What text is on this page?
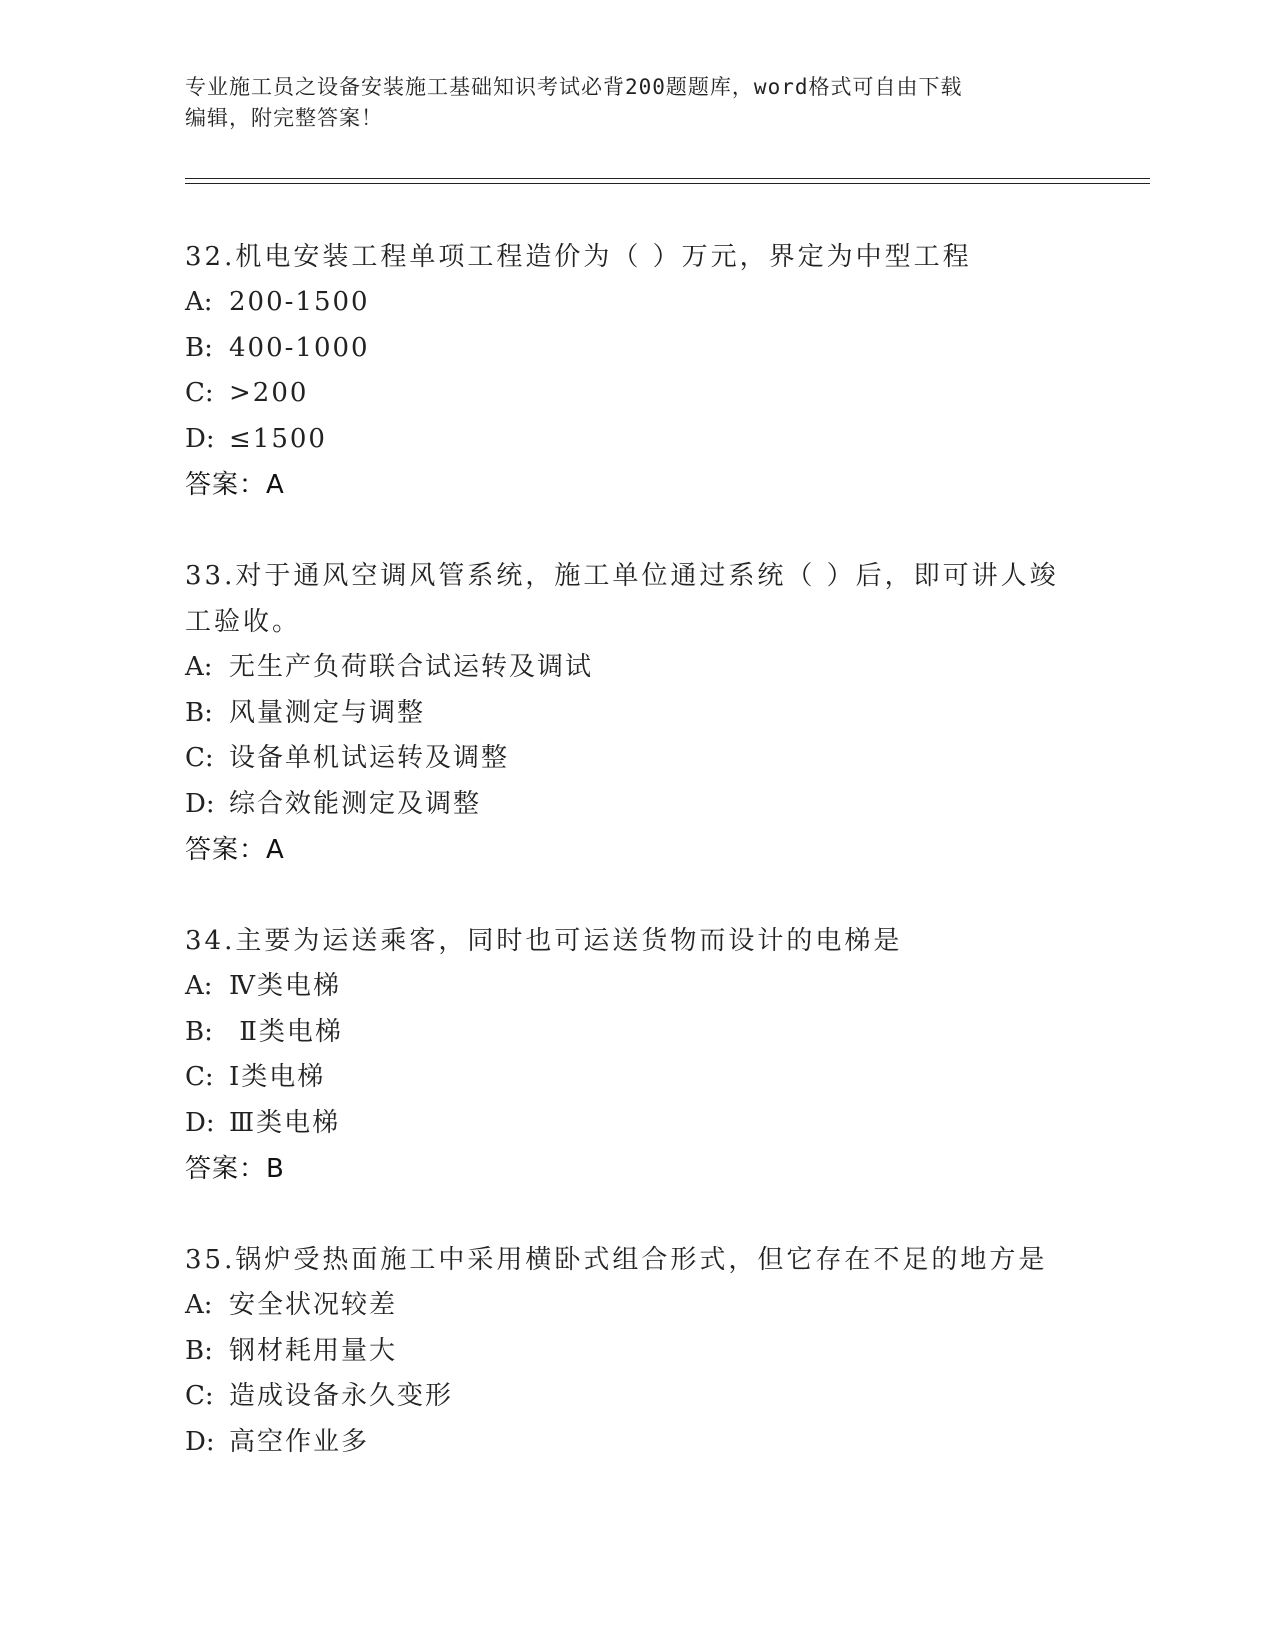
专业施工员之设备安装施工基础知识考试必背200题题库，word格式可自由下载
编辑，附完整答案！
32.机电安装工程单项工程造价为（ ）万元，界定为中型工程
A: 200-1500
B: 400-1000
C: >200
D: ≤1500
答案：A
33.对于通风空调风管系统，施工单位通过系统（ ）后，即可讲人竣
工验收。
A: 无生产负荷联合试运转及调试
B: 风量测定与调整
C: 设备单机试运转及调整
D: 综合效能测定及调整
答案：A
34.主要为运送乘客，同时也可运送货物而设计的电梯是
A: Ⅳ类电梯
B: Ⅱ类电梯
C: Ⅰ类电梯
D: Ⅲ类电梯
答案：B
35.锅炉受热面施工中采用横卧式组合形式，但它存在不足的地方是
A: 安全状况较差
B: 钢材耗用量大
C: 造成设备永久变形
D: 高空作业多
